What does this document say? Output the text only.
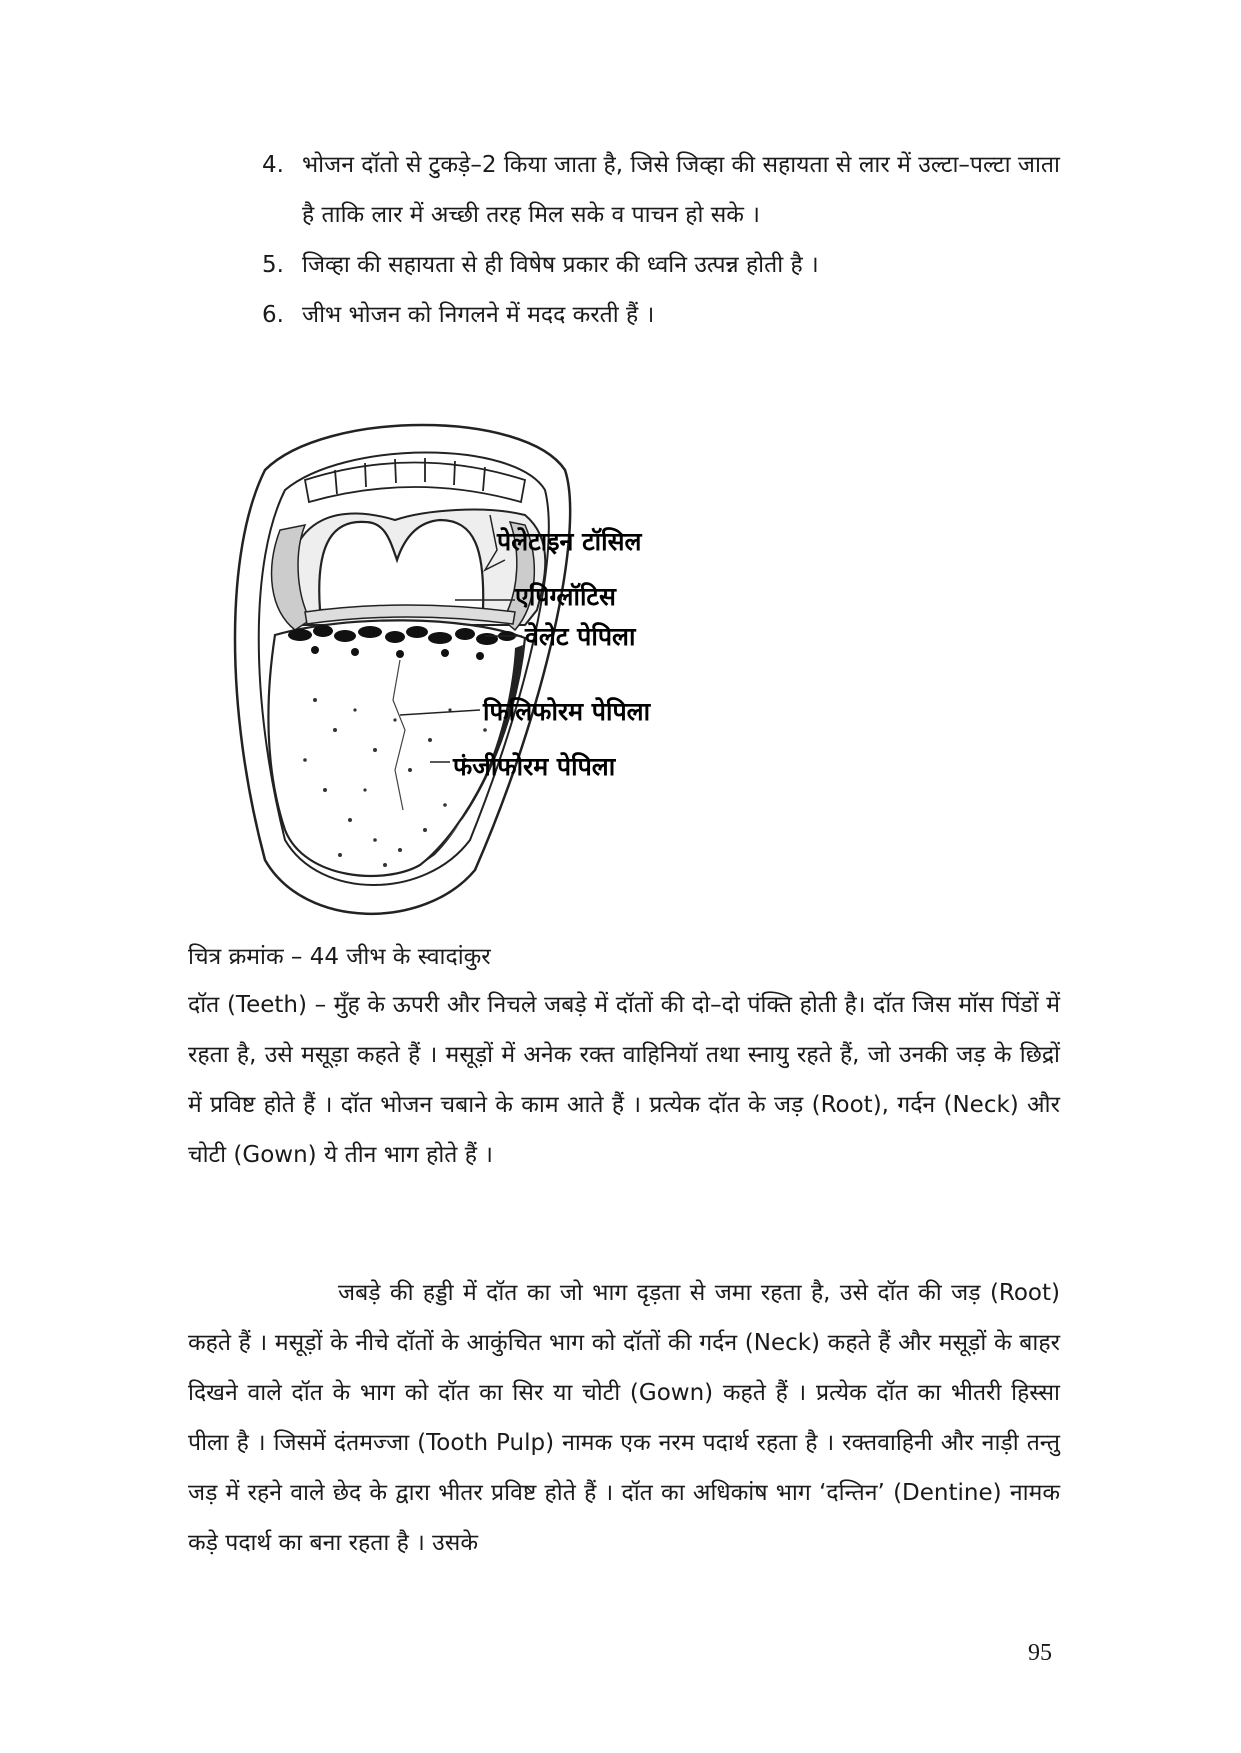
4. भोजन दॉतो से टुकड़े–2 किया जाता है, जिसे जिव्हा की सहायता से लार में उल्टा–पल्टा जाता है ताकि लार में अच्छी तरह मिल सके व पाचन हो सके ।
5. जिव्हा की सहायता से ही विषेष प्रकार की ध्वनि उत्पन्न होती है ।
6. जीभ भोजन को निगलने में मदद करती हैं ।
पेलेटाइन टॉसिल
एपिग्लॉटिस
वेलेट पेपिला
फिलिफोरम पेपिला
फंजीफोरम पेपिला

चित्र क्रमांक – 44 जीभ के स्वादांकुर

दॉत (Teeth) – मुँह के ऊपरी और निचले जबड़े में दॉतों की दो–दो पंक्ति होती है। दॉत जिस मॉस पिंडों में रहता है, उसे मसूड़ा कहते हैं । मसूड़ों में अनेक रक्त वाहिनियॉ तथा स्नायु रहते हैं, जो उनकी जड़ के छिद्रों में प्रविष्ट होते हैं । दॉत भोजन चबाने के काम आते हैं । प्रत्येक दॉत के जड़ (Root), गर्दन (Neck) और चोटी (Gown) ये तीन भाग होते हैं ।

जबड़े की हड्डी में दॉत का जो भाग दृड़ता से जमा रहता है, उसे दॉत की जड़ (Root) कहते हैं । मसूड़ों के नीचे दॉतों के आकुंचित भाग को दॉतों की गर्दन (Neck) कहते हैं और मसूड़ों के बाहर दिखने वाले दॉत के भाग को दॉत का सिर या चोटी (Gown) कहते हैं । प्रत्येक दॉत का भीतरी हिस्सा पीला है । जिसमें दंतमज्जा (Tooth Pulp) नामक एक नरम पदार्थ रहता है । रक्तवाहिनी और नाड़ी तन्तु जड़ में रहने वाले छेद के द्वारा भीतर प्रविष्ट होते हैं । दॉत का अधिकांष भाग ‘दन्तिन’ (Dentine) नामक कड़े पदार्थ का बना रहता है । उसके

95
